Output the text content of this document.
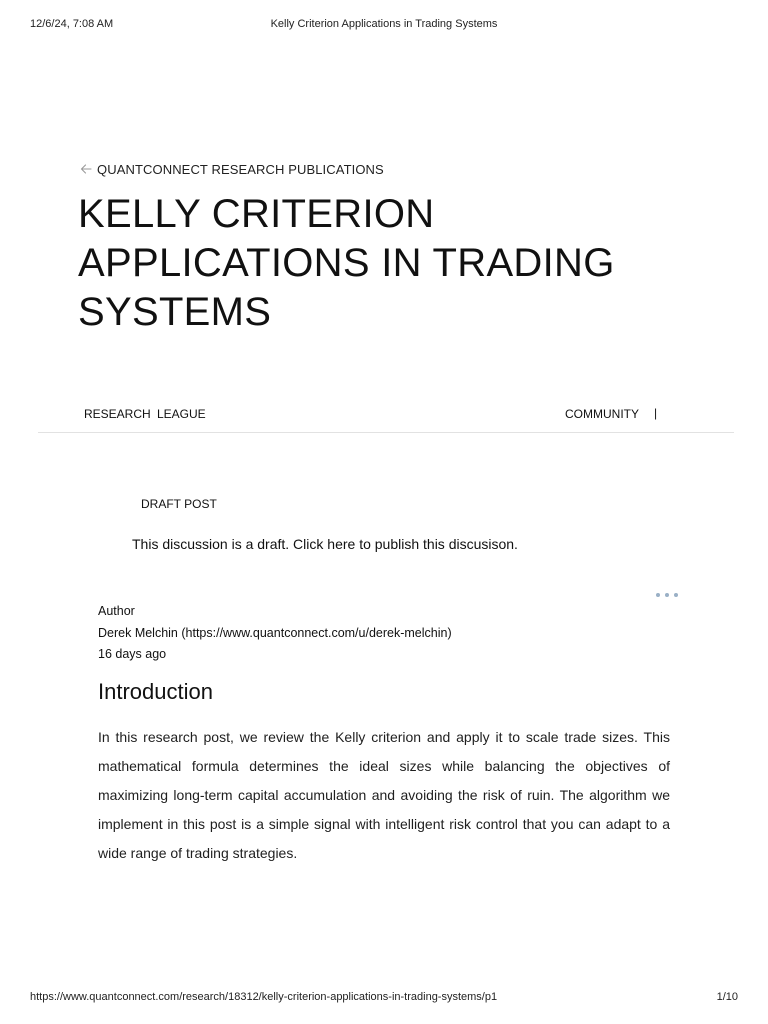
12/6/24, 7:08 AM	Kelly Criterion Applications in Trading Systems
QUANTCONNECT RESEARCH PUBLICATIONS
KELLY CRITERION APPLICATIONS IN TRADING SYSTEMS
RESEARCH LEAGUE	COMMUNITY |
DRAFT POST
This discussion is a draft. Click here to publish this discusison.
Author
Derek Melchin (https://www.quantconnect.com/u/derek-melchin)
16 days ago
Introduction

In this research post, we review the Kelly criterion and apply it to scale trade sizes. This mathematical formula determines the ideal sizes while balancing the objectives of maximizing long-term capital accumulation and avoiding the risk of ruin. The algorithm we implement in this post is a simple signal with intelligent risk control that you can adapt to a wide range of trading strategies.

https://www.quantconnect.com/research/18312/kelly-criterion-applications-in-trading-systems/p1	1/10
